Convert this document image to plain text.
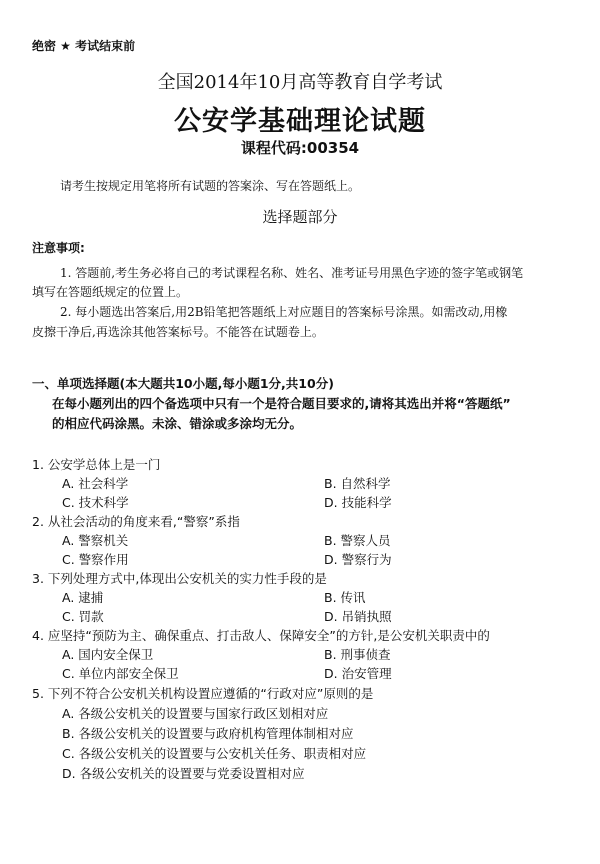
绝密 ★ 考试结束前
全国2014年10月高等教育自学考试
公安学基础理论试题
课程代码:00354
请考生按规定用笔将所有试题的答案涂、写在答题纸上。
选择题部分
注意事项:
1. 答题前,考生务必将自己的考试课程名称、姓名、准考证号用黑色字迹的签字笔或钢笔
填写在答题纸规定的位置上。
2. 每小题选出答案后,用2B铅笔把答题纸上对应题目的答案标号涂黑。如需改动,用橡
皮擦干净后,再选涂其他答案标号。不能答在试题卷上。
一、单项选择题(本大题共10小题,每小题1分,共10分)
在每小题列出的四个备选项中只有一个是符合题目要求的,请将其选出并将“答题纸”
的相应代码涂黑。未涂、错涂或多涂均无分。
1. 公安学总体上是一门
A. 社会科学	B. 自然科学
C. 技术科学	D. 技能科学
2. 从社会活动的角度来看,“警察”系指
A. 警察机关	B. 警察人员
C. 警察作用	D. 警察行为
3. 下列处理方式中,体现出公安机关的实力性手段的是
A. 逮捕	B. 传讯
C. 罚款	D. 吊销执照
4. 应坚持“预防为主、确保重点、打击敌人、保障安全”的方针,是公安机关职责中的
A. 国内安全保卫	B. 刑事侦查
C. 单位内部安全保卫	D. 治安管理
5. 下列不符合公安机关机构设置应遵循的“行政对应”原则的是
A. 各级公安机关的设置要与国家行政区划相对应
B. 各级公安机关的设置要与政府机构管理体制相对应
C. 各级公安机关的设置要与公安机关任务、职责相对应
D. 各级公安机关的设置要与党委设置相对应
